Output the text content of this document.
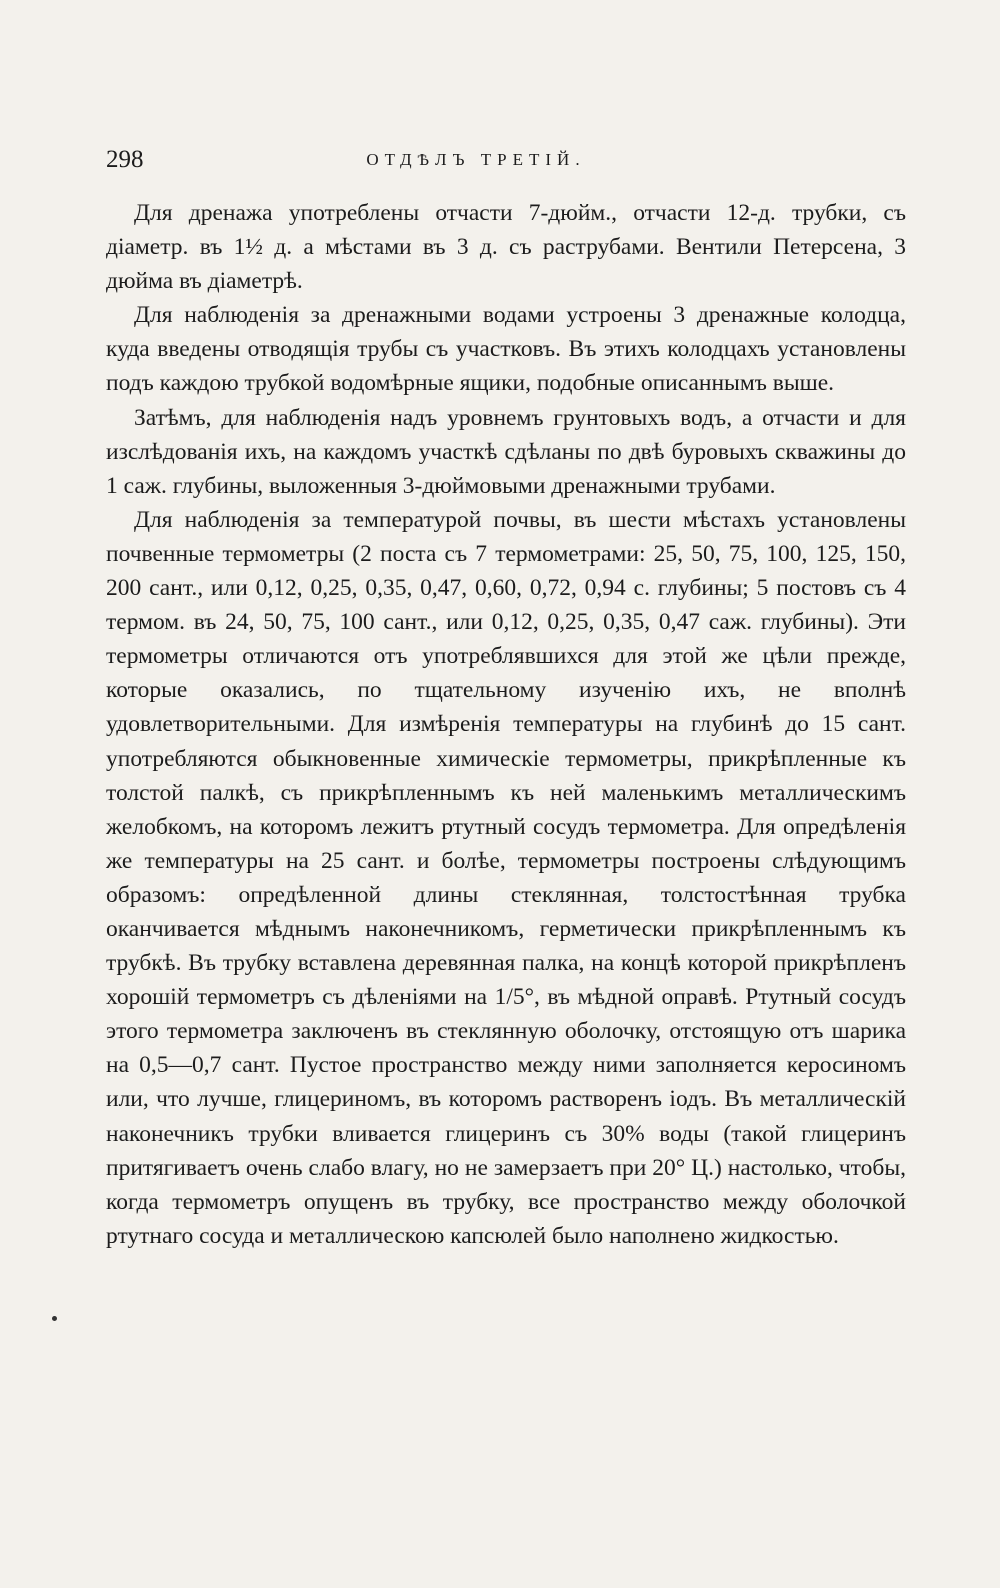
298	ОТДѢЛЪ ТРЕТІЙ.

Для дренажа употреблены отчасти 7-дюйм., отчасти 12-д. трубки, съ діаметр. въ 1½ д. а мѣстами въ 3 д. съ раструбами. Вентили Петерсена, 3 дюйма въ діаметрѣ.

Для наблюденія за дренажными водами устроены 3 дренажные колодца, куда введены отводящія трубы съ участковъ. Въ этихъ колодцахъ установлены подъ каждою трубкой водомѣрные ящики, подобные описаннымъ выше.

Затѣмъ, для наблюденія надъ уровнемъ грунтовыхъ водъ, а отчасти и для изслѣдованія ихъ, на каждомъ участкѣ сдѣланы по двѣ буровыхъ скважины до 1 саж. глубины, выложенныя 3-дюймовыми дренажными трубами.

Для наблюденія за температурой почвы, въ шести мѣстахъ установлены почвенные термометры (2 поста съ 7 термометрами: 25, 50, 75, 100, 125, 150, 200 сант., или 0,12, 0,25, 0,35, 0,47, 0,60, 0,72, 0,94 с. глубины; 5 постовъ съ 4 термом. въ 24, 50, 75, 100 сант., или 0,12, 0,25, 0,35, 0,47 саж. глубины). Эти термометры отличаются отъ употреблявшихся для этой же цѣли прежде, которые оказались, по тщательному изученію ихъ, не вполнѣ удовлетворительными. Для измѣренія температуры на глубинѣ до 15 сант. употребляются обыкновенные химическіе термометры, прикрѣпленные къ толстой палкѣ, съ прикрѣпленнымъ къ ней маленькимъ металлическимъ желобкомъ, на которомъ лежитъ ртутный сосудъ термометра. Для опредѣленія же температуры на 25 сант. и болѣе, термометры построены слѣдующимъ образомъ: опредѣленной длины стеклянная, толстостѣнная трубка оканчивается мѣднымъ наконечникомъ, герметически прикрѣпленнымъ къ трубкѣ. Въ трубку вставлена деревянная палка, на концѣ которой прикрѣпленъ хорошій термометръ съ дѣленіями на 1/5°, въ мѣдной оправѣ. Ртутный сосудъ этого термометра заключенъ въ стеклянную оболочку, отстоящую отъ шарика на 0,5—0,7 сант. Пустое пространство между ними заполняется керосиномъ или, что лучше, глицериномъ, въ которомъ растворенъ іодъ. Въ металлическій наконечникъ трубки вливается глицеринъ съ 30% воды (такой глицеринъ притягиваетъ очень слабо влагу, но не замерзаетъ при 20° Ц.) настолько, чтобы, когда термометръ опущенъ въ трубку, все пространство между оболочкой ртутнаго сосуда и металлическою капсюлей было наполнено жидкостью.
